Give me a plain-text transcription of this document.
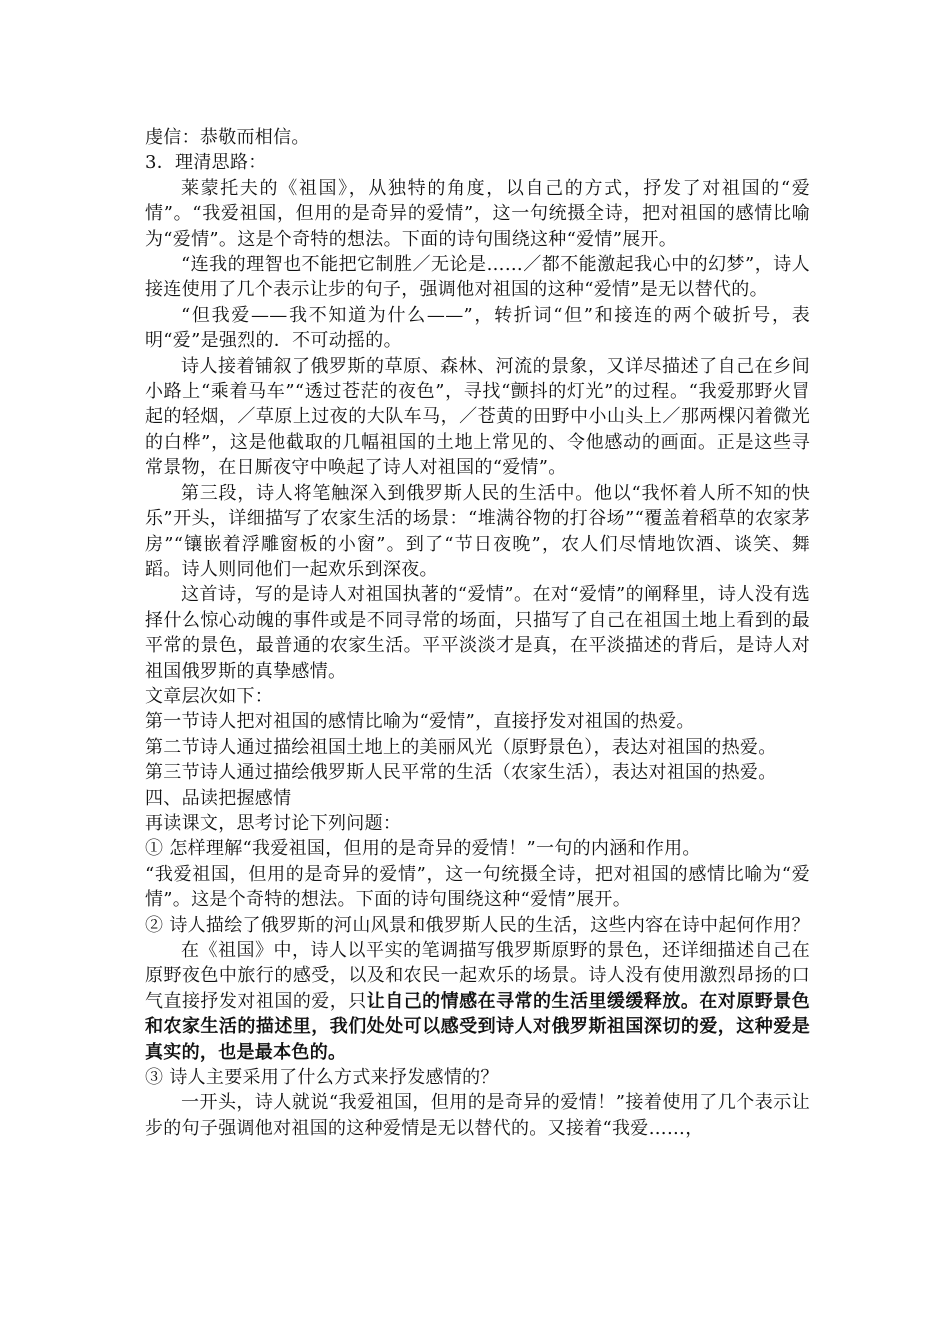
虔信：恭敬而相信。

3．理清思路：

莱蒙托夫的《祖国》，从独特的角度，以自己的方式，抒发了对祖国的“爱情”。“我爱祖国，但用的是奇异的爱情”，这一句统摄全诗，把对祖国的感情比喻为“爱情”。这是个奇特的想法。下面的诗句围绕这种“爱情”展开。

“连我的理智也不能把它制胜／无论是……／都不能激起我心中的幻梦”，诗人接连使用了几个表示让步的句子，强调他对祖国的这种“爱情”是无以替代的。

“但我爱——我不知道为什么——”，转折词“但”和接连的两个破折号，表明“爱”是强烈的．不可动摇的。

诗人接着铺叙了俄罗斯的草原、森林、河流的景象，又详尽描述了自己在乡间小路上“乘着马车”“透过苍茫的夜色”，寻找“颤抖的灯光”的过程。“我爱那野火冒起的轻烟，／草原上过夜的大队车马，／苍黄的田野中小山头上／那两棵闪着微光的白桦”，这是他截取的几幅祖国的土地上常见的、令他感动的画面。正是这些寻常景物，在日厮夜守中唤起了诗人对祖国的“爱情”。

第三段，诗人将笔触深入到俄罗斯人民的生活中。他以“我怀着人所不知的快乐”开头，详细描写了农家生活的场景：“堆满谷物的打谷场”“覆盖着稻草的农家茅房”“镶嵌着浮雕窗板的小窗”。到了“节日夜晚”，农人们尽情地饮酒、谈笑、舞蹈。诗人则同他们一起欢乐到深夜。

这首诗，写的是诗人对祖国执著的“爱情”。在对“爱情”的阐释里，诗人没有选择什么惊心动魄的事件或是不同寻常的场面，只描写了自己在祖国土地上看到的最平常的景色，最普通的农家生活。平平淡淡才是真，在平淡描述的背后，是诗人对祖国俄罗斯的真挚感情。

文章层次如下：

第一节诗人把对祖国的感情比喻为“爱情”，直接抒发对祖国的热爱。

第二节诗人通过描绘祖国土地上的美丽风光（原野景色），表达对祖国的热爱。

第三节诗人通过描绘俄罗斯人民平常的生活（农家生活），表达对祖国的热爱。

四、品读把握感情

再读课文，思考讨论下列问题：

① 怎样理解“我爱祖国，但用的是奇异的爱情！”一句的内涵和作用。

“我爱祖国，但用的是奇异的爱情”，这一句统摄全诗，把对祖国的感情比喻为“爱情”。这是个奇特的想法。下面的诗句围绕这种“爱情”展开。

② 诗人描绘了俄罗斯的河山风景和俄罗斯人民的生活，这些内容在诗中起何作用？

在《祖国》中，诗人以平实的笔调描写俄罗斯原野的景色，还详细描述自己在原野夜色中旅行的感受，以及和农民一起欢乐的场景。诗人没有使用激烈昂扬的口气直接抒发对祖国的爱，只让自己的情感在寻常的生活里缓缓释放。在对原野景色和农家生活的描述里，我们处处可以感受到诗人对俄罗斯祖国深切的爱，这种爱是真实的，也是最本色的。

③ 诗人主要采用了什么方式来抒发感情的？

一开头，诗人就说“我爱祖国，但用的是奇异的爱情！”接着使用了几个表示让步的句子强调他对祖国的这种爱情是无以替代的。又接着“我爱……，
